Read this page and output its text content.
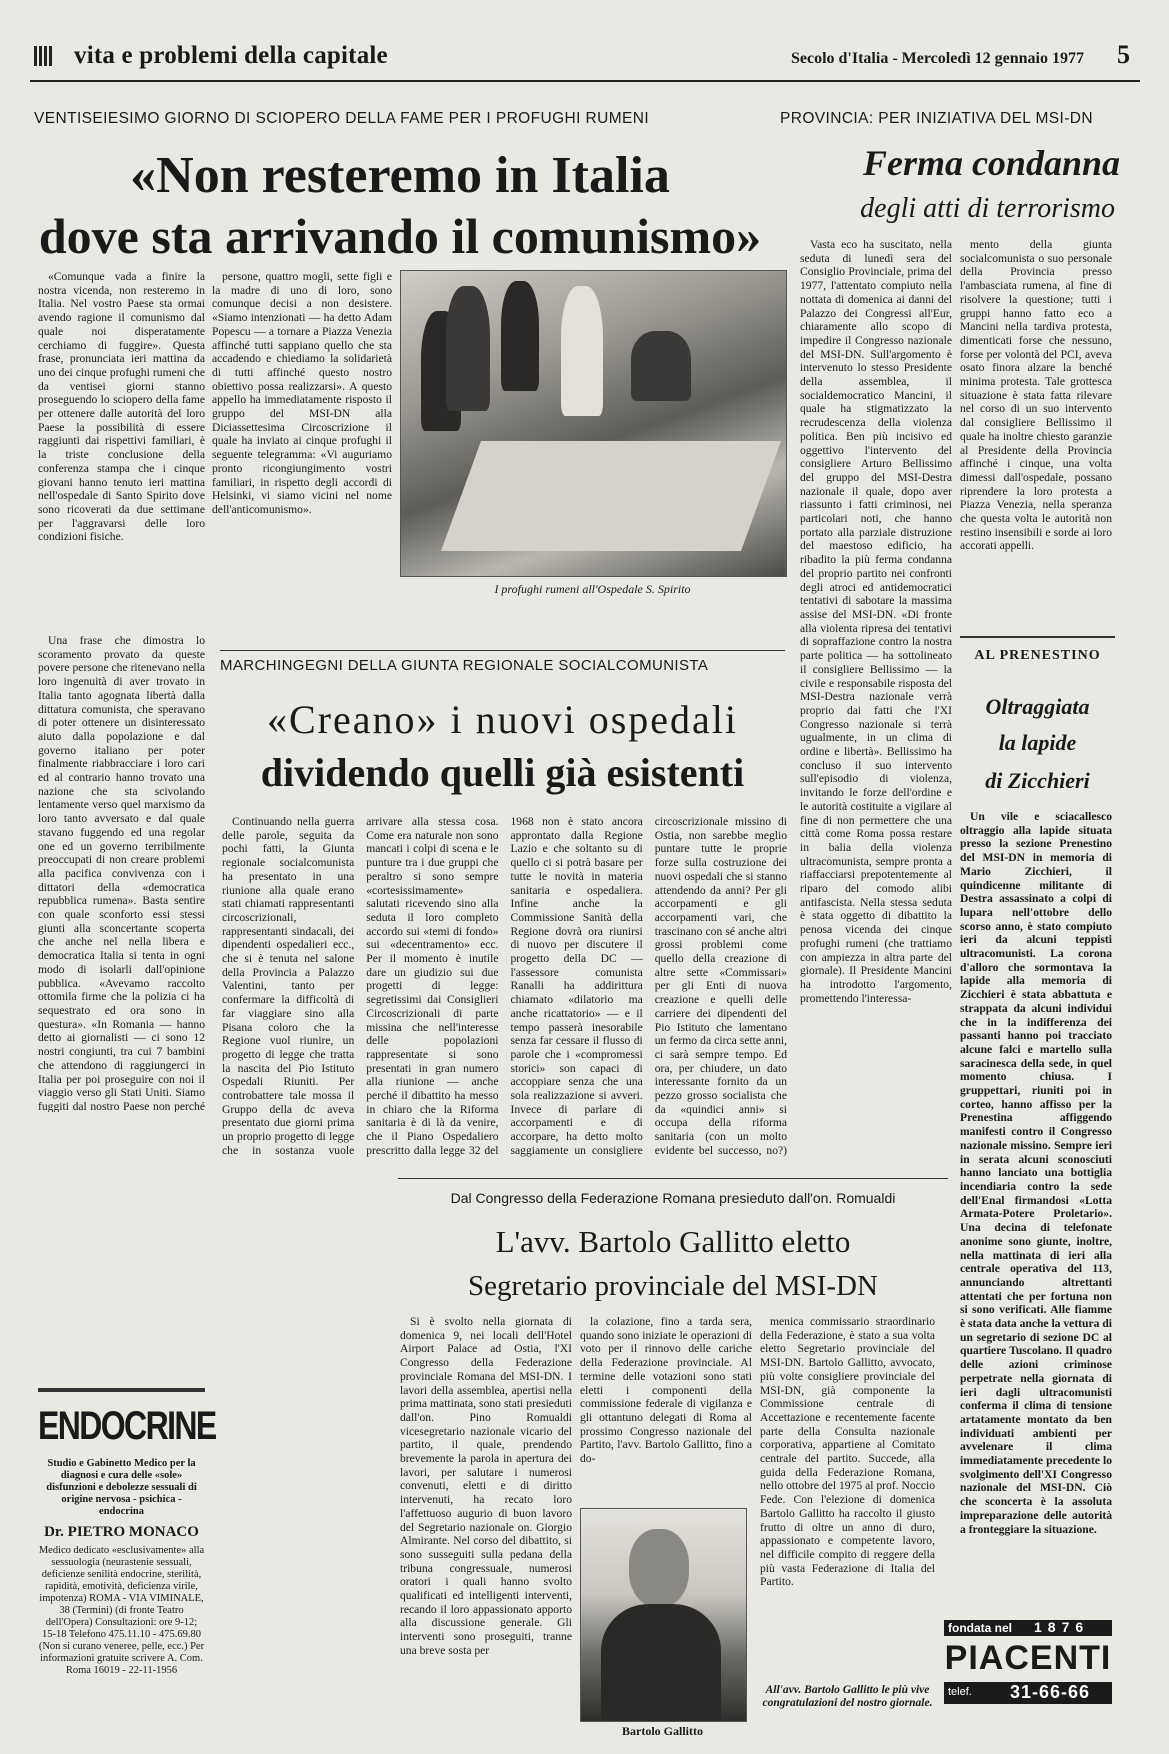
vita e problemi della capitale	Secolo d'Italia - Mercoledì 12 gennaio 1977 5
VENTISEIESIMO GIORNO DI SCIOPERO DELLA FAME PER I PROFUGHI RUMENI
«Non resteremo in Italia
dove sta arrivando il comunismo»

«Comunque vada a finire la nostra vicenda, non resteremo in Italia. Nel vostro Paese sta ormai avendo ragione il comunismo dal quale noi disperatamente cerchiamo di fuggire». Questa frase, pronunciata ieri mattina da uno dei cinque profughi rumeni che da ventisei giorni stanno proseguendo lo sciopero della fame per ottenere dalle autorità del loro Paese la possibilità di essere raggiunti dai rispettivi familiari, è la triste conclusione della conferenza stampa che i cinque giovani hanno tenuto ieri mattina nell'ospedale di Santo Spirito dove sono ricoverati da due settimane per l'aggravarsi delle loro condizioni fisiche.

persone, quattro mogli, sette figli e la madre di uno di loro, sono comunque decisi a non desistere. «Siamo intenzionati — ha detto Adam Popescu — a tornare a Piazza Venezia affinché tutti sappiano quello che sta accadendo e chiediamo la solidarietà di tutti affinché questo nostro obiettivo possa realizzarsi». A questo appello ha immediatamente risposto il gruppo del MSI-DN alla Diciassettesima Circoscrizione il quale ha inviato ai cinque profughi il seguente telegramma: «Vi auguriamo pronto ricongiungimento vostri familiari, in rispetto degli accordi di Helsinki, vi siamo vicini nel nome dell'anticomunismo».

Una frase che dimostra lo scoramento provato da queste povere persone che ritenevano nella loro ingenuità di aver trovato in Italia tanto agognata libertà dalla dittatura comunista, che speravano di poter ottenere un disinteressato aiuto dalla popolazione e dal governo italiano per poter finalmente riabbracciare i loro cari ed al contrario hanno trovato una nazione che sta scivolando lentamente verso quel marxismo da loro tanto avversato e dal quale stavano fuggendo ed una regolar one ed un governo terribilmente preoccupati di non creare problemi alla pacifica convivenza con i dittatori della «democratica repubblica rumena». Basta sentire con quale sconforto essi stessi giunti alla sconcertante scoperta che anche nel nella libera e democratica Italia si tenta in ogni modo di isolarli dall'opinione pubblica. «Avevamo raccolto ottomila firme che la polizia ci ha sequestrato ed ora sono in questura». «In Romania — hanno detto ai giornalisti — ci sono 12 nostri congiunti, tra cui 7 bambini che attendono di raggiungerci in Italia per poi proseguire con noi il viaggio verso gli Stati Uniti. Siamo fuggiti dal nostro Paese non perché

I profughi rumeni all'Ospedale S. Spirito
MARCHINGEGNI DELLA GIUNTA REGIONALE SOCIALCOMUNISTA
«Creano» i nuovi ospedali
dividendo quelli già esistenti

Continuando nella guerra delle parole, seguita da pochi fatti, la Giunta regionale socialcomunista ha presentato in una riunione alla quale erano stati chiamati rappresentanti circoscrizionali, rappresentanti sindacali, dei dipendenti ospedalieri ecc., che si è tenuta nel salone della Provincia a Palazzo Valentini, tanto per confermare la difficoltà di far viaggiare sino alla Pisana coloro che la Regione vuol riunire, un progetto di legge che tratta la nascita del Pio Istituto Ospedali Riuniti. Per controbattere tale mossa il Gruppo della dc aveva presentato due giorni prima un proprio progetto di legge che in sostanza vuole arrivare alla stessa cosa. Come era naturale non sono mancati i colpi di scena e le punture tra i due gruppi che peraltro si sono sempre «cortesissimamente» salutati ricevendo sino alla seduta il loro completo accordo sui «temi di fondo» sui «decentramento» ecc. Per il momento è inutile dare un giudizio sui due progetti di legge: segretissimi dai Consiglieri Circoscrizionali di parte missina che nell'interesse delle popolazioni rappresentate si sono presentati in gran numero alla riunione — anche perché il dibattito ha messo in chiaro che la Riforma sanitaria è di là da venire, che il Piano Ospedaliero prescritto dalla legge 32 del 1968 non è stato ancora approntato dalla Regione Lazio e che soltanto su di quello ci si potrà basare per tutte le novità in materia sanitaria e ospedaliera. Infine anche la Commissione Sanità della Regione dovrà ora riunirsi di nuovo per discutere il progetto della DC — l'assessore comunista Ranalli ha addirittura chiamato «dilatorio ma anche ricattatorio» — e il tempo passerà inesorabile senza far cessare il flusso di parole che i «compromessi storici» son capaci di accoppiare senza che una sola realizzazione si avveri. Invece di parlare di accorpamenti e di accorpare, ha detto molto saggiamente un consigliere circoscrizionale missino di Ostia, non sarebbe meglio puntare tutte le proprie forze sulla costruzione dei nuovi ospedali che si stanno attendendo da anni? Per gli accorpamenti e gli accorpamenti vari, che trascinano con sé anche altri grossi problemi come quello della creazione di altre sette «Commissari» per gli Enti di nuova creazione e quelli delle carriere dei dipendenti del Pio Istituto che lamentano un fermo da circa sette anni, ci sarà sempre tempo. Ed ora, per chiudere, un dato interessante fornito da un pezzo grosso socialista che da «quindici anni» si occupa della riforma sanitaria (con un molto evidente bel successo, no?)

PROVINCIA: PER INIZIATIVA DEL MSI-DN
Ferma condanna
degli atti di terrorismo

Vasta eco ha suscitato, nella seduta di lunedì sera del Consiglio Provinciale, prima del 1977, l'attentato compiuto nella nottata di domenica ai danni del Palazzo dei Congressi all'Eur, chiaramente allo scopo di impedire il Congresso nazionale del MSI-DN. Sull'argomento è intervenuto lo stesso Presidente della assemblea, il socialdemocratico Mancini, il quale ha stigmatizzato la recrudescenza della violenza politica. Ben più incisivo ed oggettivo l'intervento del consigliere Arturo Bellissimo del gruppo del MSI-Destra nazionale il quale, dopo aver riassunto i fatti criminosi, nei particolari noti, che hanno portato alla parziale distruzione del maestoso edificio, ha ribadito la più ferma condanna del proprio partito nei confronti degli atroci ed antidemocratici tentativi di sabotare la massima assise del MSI-DN. «Di fronte alla violenta ripresa dei tentativi di sopraffazione contro la nostra parte politica — ha sottolineato il consigliere Bellissimo — la civile e responsabile risposta del MSI-Destra nazionale verrà proprio dai fatti che l'XI Congresso nazionale si terrà ugualmente, in un clima di ordine e libertà». Bellissimo ha concluso il suo intervento sull'episodio di violenza, invitando le forze dell'ordine e le autorità costituite a vigilare al fine di non permettere che una città come Roma possa restare in balia della violenza ultracomunista, sempre pronta a riaffacciarsi prepotentemente al riparo del comodo alibi antifascista. Nella stessa seduta è stata oggetto di dibattito la penosa vicenda dei cinque profughi rumeni (che trattiamo con ampiezza in altra parte del giornale). Il Presidente Mancini ha introdotto l'argomento, promettendo l'interessa-

mento della giunta socialcomunista o suo personale della Provincia presso l'ambasciata rumena, al fine di risolvere la questione; tutti i gruppi hanno fatto eco a Mancini nella tardiva protesta, dimenticati forse che nessuno, forse per volontà del PCI, aveva osato finora alzare la benché minima protesta. Tale grottesca situazione è stata fatta rilevare nel corso di un suo intervento dal consigliere Bellissimo il quale ha inoltre chiesto garanzie al Presidente della Provincia affinché i cinque, una volta dimessi dall'ospedale, possano riprendere la loro protesta a Piazza Venezia, nella speranza che questa volta le autorità non restino insensibili e sorde ai loro accorati appelli.

AL PRENESTINO
Oltraggiata
la lapide
di Zicchieri

Un vile e sciacallesco oltraggio alla lapide situata presso la sezione Prenestino del MSI-DN in memoria di Mario Zicchieri, il quindicenne militante di Destra assassinato a colpi di lupara nell'ottobre dello scorso anno, è stato compiuto ieri da alcuni teppisti ultracomunisti. La corona d'alloro che sormontava la lapide alla memoria di Zicchieri è stata abbattuta e strappata da alcuni individui che in la indifferenza dei passanti hanno poi tracciato alcune falci e martello sulla saracinesca della sede, in quel momento chiusa. I gruppettari, riuniti poi in corteo, hanno affisso per la Prenestina affiggendo manifesti contro il Congresso nazionale missino. Sempre ieri in serata alcuni sconosciuti hanno lanciato una bottiglia incendiaria contro la sede dell'Enal firmandosi «Lotta Armata-Potere Proletario». Una decina di telefonate anonime sono giunte, inoltre, nella mattinata di ieri alla centrale operativa del 113, annunciando altrettanti attentati che per fortuna non si sono verificati. Alle fiamme è stata data anche la vettura di un segretario di sezione DC al quartiere Tuscolano. Il quadro delle azioni criminose perpetrate nella giornata di ieri dagli ultracomunisti conferma il clima di tensione artatamente montato da ben individuati ambienti per avvelenare il clima immediatamente precedente lo svolgimento dell'XI Congresso nazionale del MSI-DN. Ciò che sconcerta è la assoluta impreparazione delle autorità a fronteggiare la situazione.

Dal Congresso della Federazione Romana presieduto dall'on. Romualdi
L'avv. Bartolo Gallitto eletto
Segretario provinciale del MSI-DN

Si è svolto nella giornata di domenica 9, nei locali dell'Hotel Airport Palace ad Ostia, l'XI Congresso della Federazione provinciale Romana del MSI-DN. I lavori della assemblea, apertisi nella prima mattinata, sono stati presieduti dall'on. Pino Romualdi vicesegretario nazionale vicario del partito, il quale, prendendo brevemente la parola in apertura dei lavori, per salutare i numerosi convenuti, eletti e di diritto intervenuti, ha recato loro l'affettuoso augurio di buon lavoro del Segretario nazionale on. Giorgio Almirante. Nel corso del dibattito, si sono susseguiti sulla pedana della tribuna congressuale, numerosi oratori i quali hanno svolto qualificati ed intelligenti interventi, recando il loro appassionato apporto alla discussione generale. Gli interventi sono proseguiti, tranne una breve sosta per

la colazione, fino a tarda sera, quando sono iniziate le operazioni di voto per il rinnovo delle cariche della Federazione provinciale. Al termine delle votazioni sono stati eletti i componenti della commissione federale di vigilanza e gli ottantuno delegati di Roma al prossimo Congresso nazionale del Partito, l'avv. Bartolo Gallitto, fino a do-

menica commissario straordinario della Federazione, è stato a sua volta eletto Segretario provinciale del MSI-DN. Bartolo Gallitto, avvocato, più volte consigliere provinciale del MSI-DN, già componente la Commissione centrale di Accettazione e recentemente facente parte della Consulta nazionale corporativa, appartiene al Comitato centrale del partito. Succede, alla guida della Federazione Romana, nello ottobre del 1975 al prof. Noccio Fede. Con l'elezione di domenica Bartolo Gallitto ha raccolto il giusto frutto di oltre un anno di duro, appassionato e competente lavoro, nel difficile compito di reggere della più vasta Federazione di Italia del Partito.

Bartolo Gallitto
All'avv. Bartolo Gallitto le più vive congratulazioni del nostro giornale.
ENDOCRINE
Studio e Gabinetto Medico per la diagnosi e cura delle «sole» disfunzioni e debolezze sessuali di origine nervosa - psichica - endocrina
Dr. PIETRO MONACO
Medico dedicato «esclusivamente» alla sessuologia (neurastenie sessuali, deficienze senilità endocrine, sterilità, rapidità, emotività, deficienza virile, impotenza) ROMA - VIA VIMINALE, 38 (Termini) (di fronte Teatro dell'Opera) Consultazioni: ore 9-12; 15-18 Telefono 475.11.10 - 475.69.80 (Non si curano veneree, pelle, ecc.) Per informazioni gratuite scrivere A. Com. Roma 16019 - 22-11-1956
fondata nel 1876
PIACENTI
telef. 31-66-66
